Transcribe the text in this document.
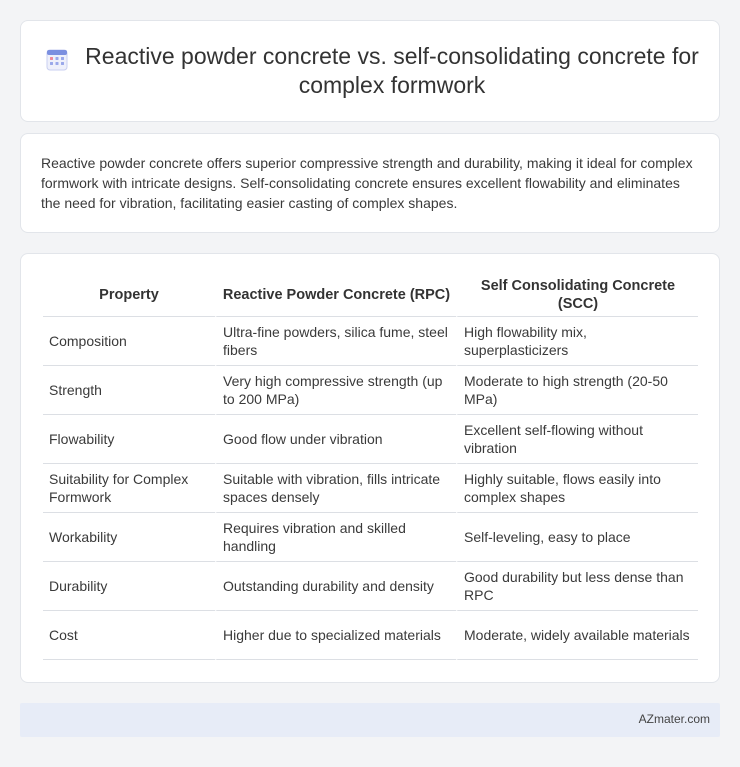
Reactive powder concrete vs. self-consolidating concrete for complex formwork

Reactive powder concrete offers superior compressive strength and durability, making it ideal for complex formwork with intricate designs. Self-consolidating concrete ensures excellent flowability and eliminates the need for vibration, facilitating easier casting of complex shapes.

Property	Reactive Powder Concrete (RPC)	Self Consolidating Concrete (SCC)
Composition	Ultra-fine powders, silica fume, steel fibers	High flowability mix, superplasticizers
Strength	Very high compressive strength (up to 200 MPa)	Moderate to high strength (20-50 MPa)
Flowability	Good flow under vibration	Excellent self-flowing without vibration
Suitability for Complex Formwork	Suitable with vibration, fills intricate spaces densely	Highly suitable, flows easily into complex shapes
Workability	Requires vibration and skilled handling	Self-leveling, easy to place
Durability	Outstanding durability and density	Good durability but less dense than RPC
Cost	Higher due to specialized materials	Moderate, widely available materials
AZmater.com
